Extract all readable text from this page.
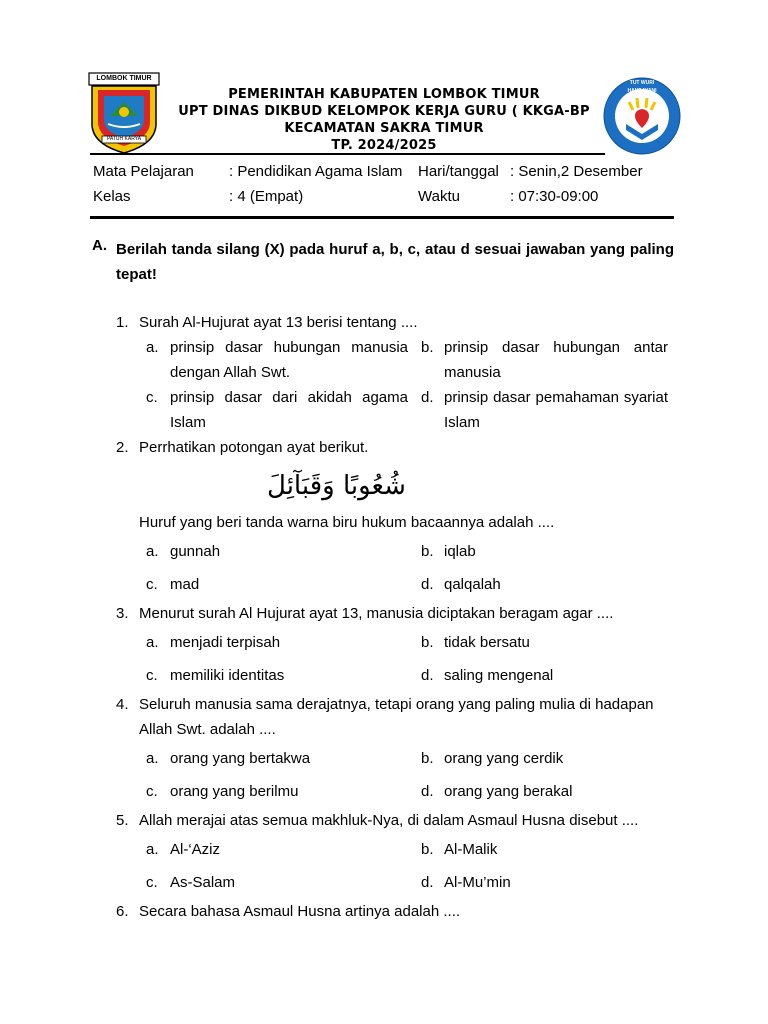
LOMBOK TIMUR
PATUH KARYA
PEMERINTAH KABUPATEN LOMBOK TIMUR
UPT DINAS DIKBUD KELOMPOK KERJA GURU ( KKGA-BP
KECAMATAN SAKRA TIMUR
TP. 2024/2025
TUT WURI HANDAYANI
Mata Pelajaran : Pendidikan Agama Islam Hari/tanggal : Senin,2 Desember
Kelas	: 4 (Empat)	Waktu	: 07:30-09:00
A. Berilah tanda silang (X) pada huruf a, b, c, atau d sesuai jawaban yang paling tepat!
1. Surah Al-Hujurat ayat 13 berisi tentang ....
a. prinsip dasar hubungan manusia dengan Allah Swt.
b. prinsip dasar hubungan antar manusia
c. prinsip dasar dari akidah agama Islam
d. prinsip dasar pemahaman syariat Islam
2. Perrhatikan potongan ayat berikut.
شُعُوبًا وَقَبَآئِلَ
Huruf yang beri tanda warna biru hukum bacaannya adalah ....
a. gunnah	b. iqlab
c. mad	d. qalqalah
3. Menurut surah Al Hujurat ayat 13, manusia diciptakan beragam agar ....
a. menjadi terpisah	b. tidak bersatu
c. memiliki identitas	d. saling mengenal
4. Seluruh manusia sama derajatnya, tetapi orang yang paling mulia di hadapan Allah Swt. adalah ....
a. orang yang bertakwa	b. orang yang cerdik
c. orang yang berilmu	d. orang yang berakal
5. Allah merajai atas semua makhluk-Nya, di dalam Asmaul Husna disebut ....
a. Al-‘Aziz	b. Al-Malik
c. As-Salam	d. Al-Mu’min
6. Secara bahasa Asmaul Husna artinya adalah ....
